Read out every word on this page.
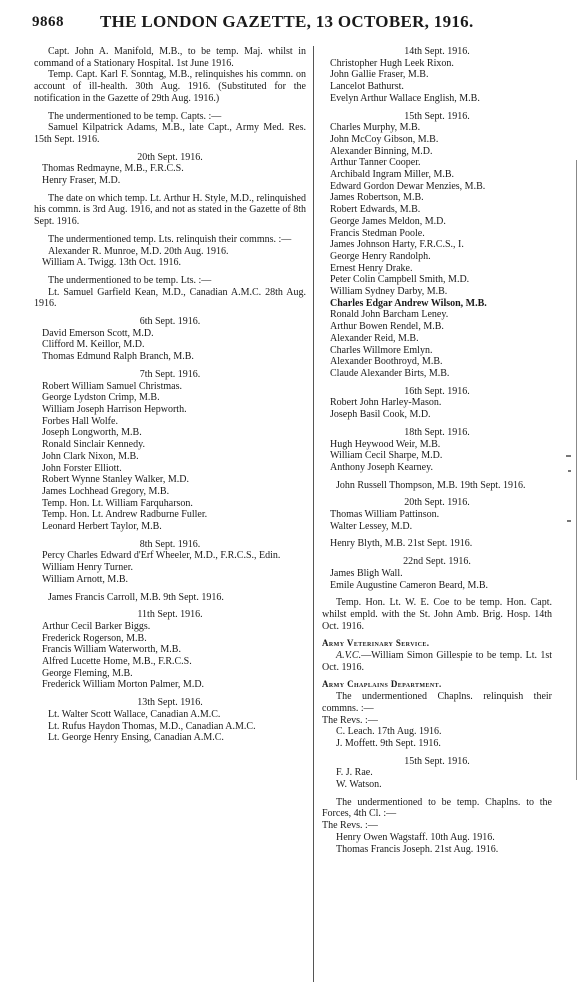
9868 THE LONDON GAZETTE, 13 OCTOBER, 1916.

Capt. John A. Manifold, M.B., to be temp. Maj. whilst in command of a Stationary Hospital. 1st June 1916.

Temp. Capt. Karl F. Sonntag, M.B., relinquishes his commn. on account of ill-health. 30th Aug. 1916. (Substituted for the notification in the Gazette of 29th Aug. 1916.)

The undermentioned to be temp. Capts. :—

Samuel Kilpatrick Adams, M.B., late Capt., Army Med. Res. 15th Sept. 1916.

20th Sept. 1916.

Thomas Redmayne, M.B., F.R.C.S.

Henry Fraser, M.D.

The date on which temp. Lt. Arthur H. Style, M.D., relinquished his commn. is 3rd Aug. 1916, and not as stated in the Gazette of 8th Sept. 1916.

The undermentioned temp. Lts. relinquish their commns. :—

Alexander R. Munroe, M.D. 20th Aug. 1916.

William A. Twigg. 13th Oct. 1916.

The undermentioned to be temp. Lts. :—

Lt. Samuel Garfield Kean, M.D., Canadian A.M.C. 28th Aug. 1916.

6th Sept. 1916.

David Emerson Scott, M.D.

Clifford M. Keillor, M.D.

Thomas Edmund Ralph Branch, M.B.

7th Sept. 1916.

Robert William Samuel Christmas.

George Lydston Crimp, M.B.

William Joseph Harrison Hepworth.

Forbes Hall Wolfe.

Joseph Longworth, M.B.

Ronald Sinclair Kennedy.

John Clark Nixon, M.B.

John Forster Elliott.

Robert Wynne Stanley Walker, M.D.

James Lochhead Gregory, M.B.

Temp. Hon. Lt. William Farquharson.

Temp. Hon. Lt. Andrew Radburne Fuller.

Leonard Herbert Taylor, M.B.

8th Sept. 1916.

Percy Charles Edward d'Erf Wheeler, M.D., F.R.C.S., Edin.

William Henry Turner.

William Arnott, M.B.

James Francis Carroll, M.B. 9th Sept. 1916.

11th Sept. 1916.

Arthur Cecil Barker Biggs.

Frederick Rogerson, M.B.

Francis William Waterworth, M.B.

Alfred Lucette Home, M.B., F.R.C.S.

George Fleming, M.B.

Frederick William Morton Palmer, M.D.

13th Sept. 1916.

Lt. Walter Scott Wallace, Canadian A.M.C.

Lt. Rufus Haydon Thomas, M.D., Canadian A.M.C.

Lt. George Henry Ensing, Canadian A.M.C.

14th Sept. 1916.

Christopher Hugh Leek Rixon.

John Gallie Fraser, M.B.

Lancelot Bathurst.

Evelyn Arthur Wallace English, M.B.

15th Sept. 1916.

Charles Murphy, M.B.

John McCoy Gibson, M.B.

Alexander Binning, M.D.

Arthur Tanner Cooper.

Archibald Ingram Miller, M.B.

Edward Gordon Dewar Menzies, M.B.

James Robertson, M.B.

Robert Edwards, M.B.

George James Meldon, M.D.

Francis Stedman Poole.

James Johnson Harty, F.R.C.S., I.

George Henry Randolph.

Ernest Henry Drake.

Peter Colin Campbell Smith, M.D.

William Sydney Darby, M.B.

Charles Edgar Andrew Wilson, M.B.

Ronald John Barcham Leney.

Arthur Bowen Rendel, M.B.

Alexander Reid, M.B.

Charles Willmore Emlyn.

Alexander Boothroyd, M.B.

Claude Alexander Birts, M.B.

16th Sept. 1916.

Robert John Harley-Mason.

Joseph Basil Cook, M.D.

18th Sept. 1916.

Hugh Heywood Weir, M.B.

William Cecil Sharpe, M.D.

Anthony Joseph Kearney.

John Russell Thompson, M.B. 19th Sept. 1916.

20th Sept. 1916.

Thomas William Pattinson.

Walter Lessey, M.D.

Henry Blyth, M.B. 21st Sept. 1916.

22nd Sept. 1916.

James Bligh Wall.

Emile Augustine Cameron Beard, M.B.

Temp. Hon. Lt. W. E. Coe to be temp. Hon. Capt. whilst empld. with the St. John Amb. Brig. Hosp. 14th Oct. 1916.

Army Veterinary Service.

A.V.C.—William Simon Gillespie to be temp. Lt. 1st Oct. 1916.

Army Chaplains Department.

The undermentioned Chaplns. relinquish their commns. :—

The Revs. :—

C. Leach. 17th Aug. 1916.

J. Moffett. 9th Sept. 1916.

15th Sept. 1916.

F. J. Rae.

W. Watson.

The undermentioned to be temp. Chaplns. to the Forces, 4th Cl. :—

The Revs. :—

Henry Owen Wagstaff. 10th Aug. 1916.

Thomas Francis Joseph. 21st Aug. 1916.
